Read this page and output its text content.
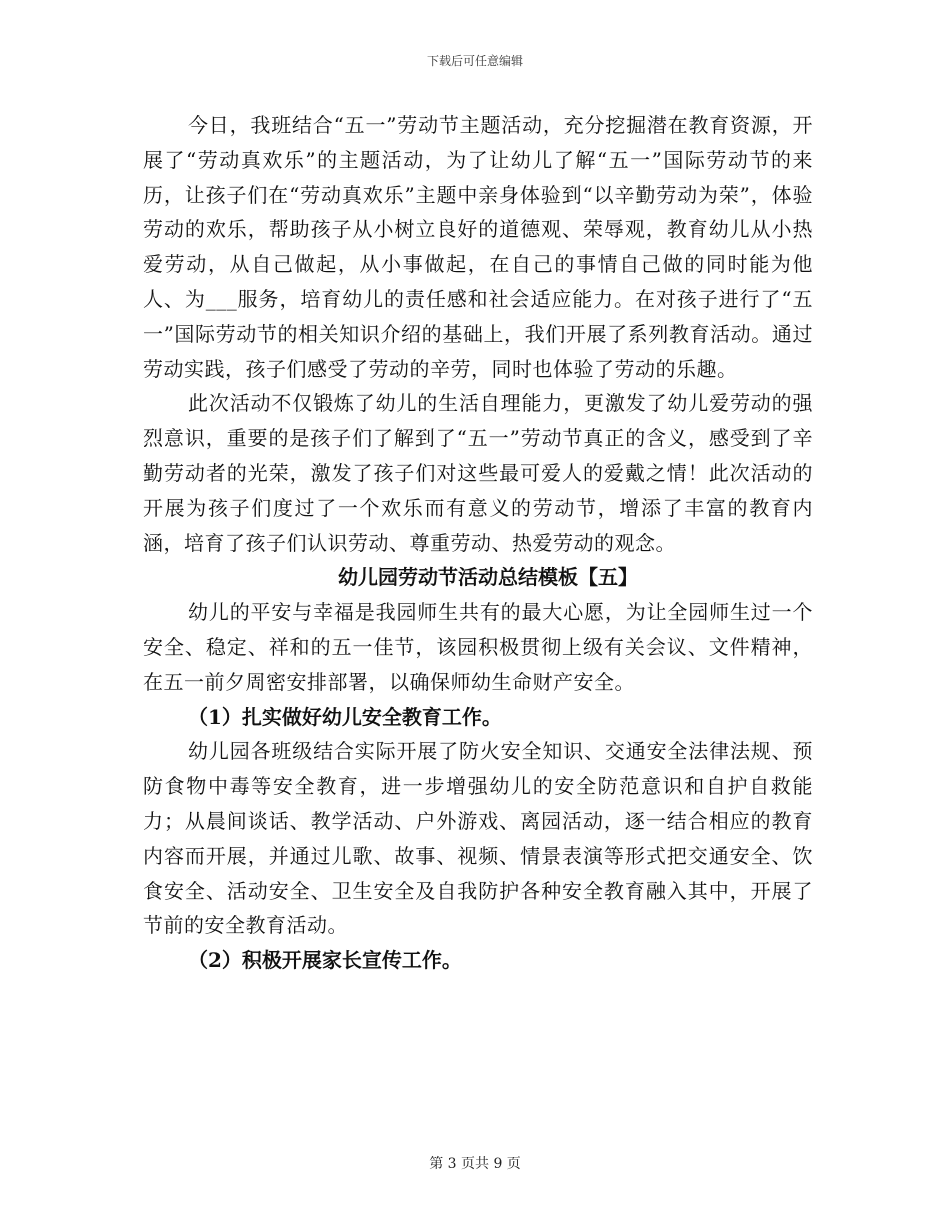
下载后可任意编辑

今日，我班结合“五一”劳动节主题活动，充分挖掘潜在教育资源，开展了“劳动真欢乐”的主题活动，为了让幼儿了解“五一”国际劳动节的来历，让孩子们在“劳动真欢乐”主题中亲身体验到“以辛勤劳动为荣”，体验劳动的欢乐，帮助孩子从小树立良好的道德观、荣辱观，教育幼儿从小热爱劳动，从自己做起，从小事做起，在自己的事情自己做的同时能为他人、为___服务，培育幼儿的责任感和社会适应能力。在对孩子进行了“五一”国际劳动节的相关知识介绍的基础上，我们开展了系列教育活动。通过劳动实践，孩子们感受了劳动的辛劳，同时也体验了劳动的乐趣。

此次活动不仅锻炼了幼儿的生活自理能力，更激发了幼儿爱劳动的强烈意识，重要的是孩子们了解到了“五一”劳动节真正的含义，感受到了辛勤劳动者的光荣，激发了孩子们对这些最可爱人的爱戴之情！此次活动的开展为孩子们度过了一个欢乐而有意义的劳动节，增添了丰富的教育内涵，培育了孩子们认识劳动、尊重劳动、热爱劳动的观念。

幼儿园劳动节活动总结模板【五】

幼儿的平安与幸福是我园师生共有的最大心愿，为让全园师生过一个安全、稳定、祥和的五一佳节，该园积极贯彻上级有关会议、文件精神，在五一前夕周密安排部署，以确保师幼生命财产安全。

（1）扎实做好幼儿安全教育工作。

幼儿园各班级结合实际开展了防火安全知识、交通安全法律法规、预防食物中毒等安全教育，进一步增强幼儿的安全防范意识和自护自救能力；从晨间谈话、教学活动、户外游戏、离园活动，逐一结合相应的教育内容而开展，并通过儿歌、故事、视频、情景表演等形式把交通安全、饮食安全、活动安全、卫生安全及自我防护各种安全教育融入其中，开展了节前的安全教育活动。

（2）积极开展家长宣传工作。

第 3 页共 9 页
